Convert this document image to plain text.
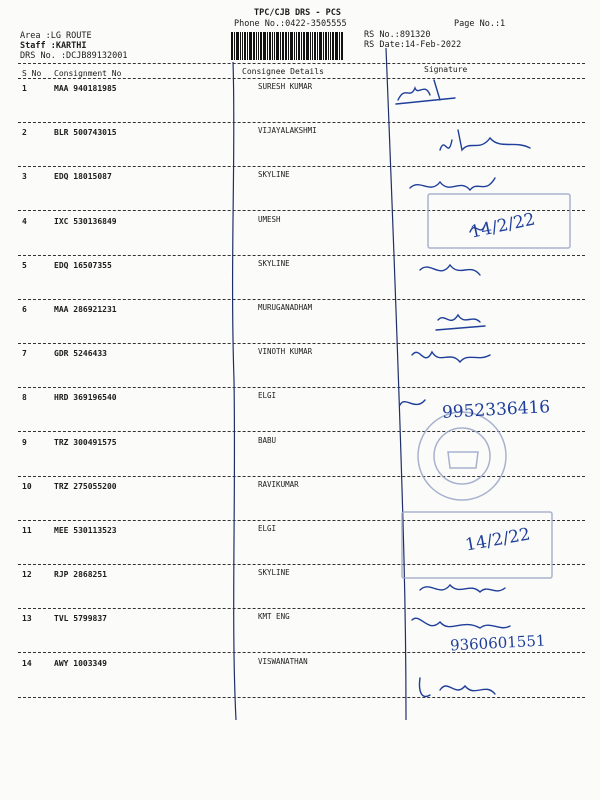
TPC/CJB DRS - PCS
Phone No.:0422-3505555	Page No.:1
Area :LG ROUTE
Staff :KARTHI
DRS No. :DCJB89132001
RS No.:891320
RS Date:14-Feb-2022
S No Consignment No	Consignee Details	Signature
1	MAA 940181985	SURESH KUMAR
2	BLR 500743015	VIJAYALAKSHMI
3	EDQ 18015087	SKYLINE
4	IXC 530136849	UMESH
5	EDQ 16507355	SKYLINE
6	MAA 286921231	MURUGANADHAM
7	GDR 5246433	VINOTH KUMAR
8	HRD 369196540	ELGI
9	TRZ 300491575	BABU
10	TRZ 275055200	RAVIKUMAR
11	MEE 530113523	ELGI
12	RJP 2868251	SKYLINE
13	TVL 5799837	KMT ENG
14	AWY 1003349	VISWANATHAN
14/2/22
9952336416
14/2/22
9360601551
